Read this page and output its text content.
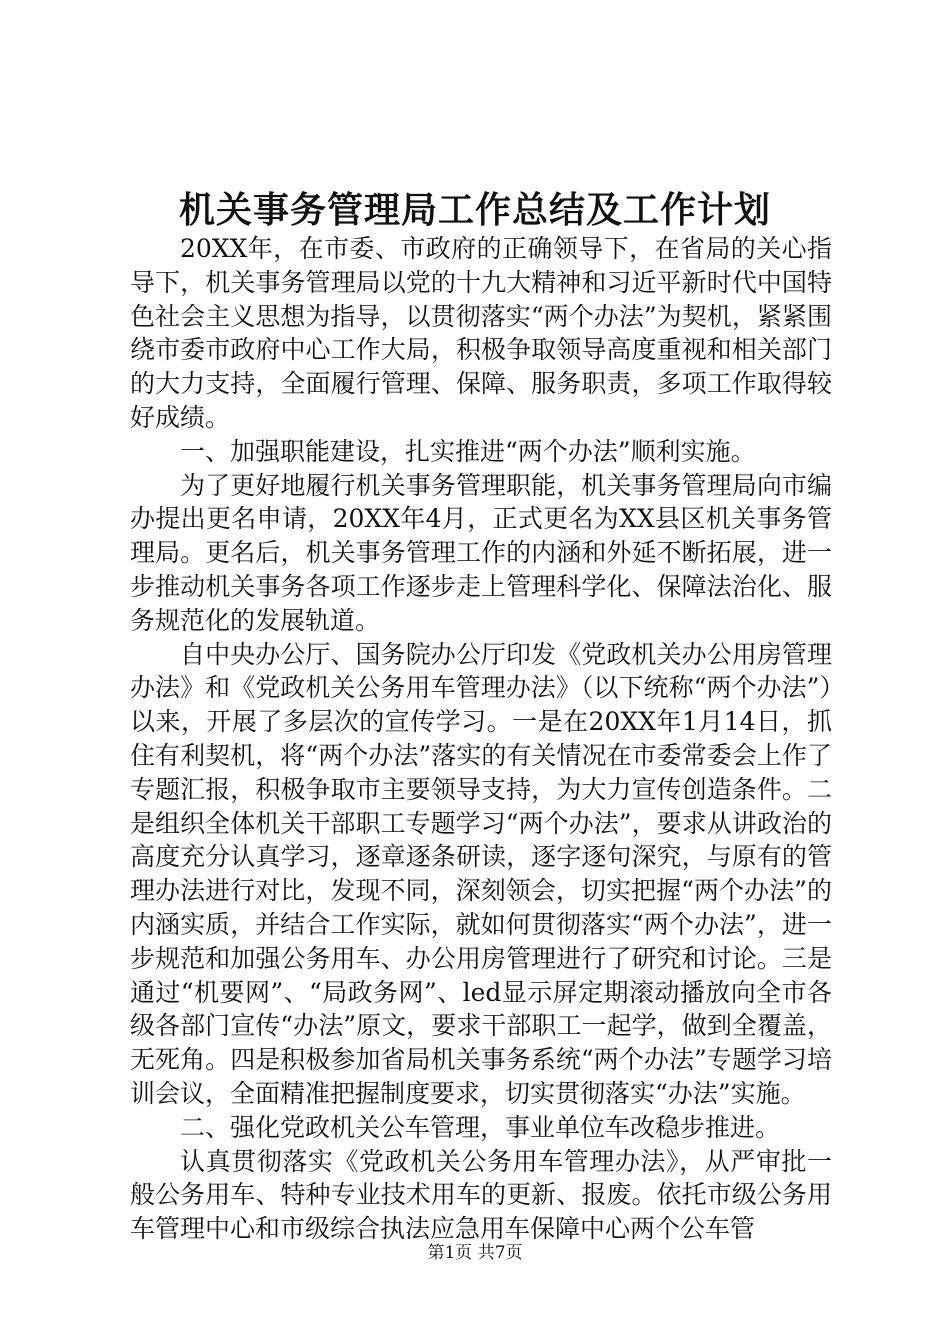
机关事务管理局工作总结及工作计划

20XX年，在市委、市政府的正确领导下，在省局的关心指导下，机关事务管理局以党的十九大精神和习近平新时代中国特色社会主义思想为指导，以贯彻落实“两个办法”为契机，紧紧围绕市委市政府中心工作大局，积极争取领导高度重视和相关部门的大力支持，全面履行管理、保障、服务职责，多项工作取得较好成绩。

一、加强职能建设，扎实推进“两个办法”顺利实施。

为了更好地履行机关事务管理职能，机关事务管理局向市编办提出更名申请，20XX年4月，正式更名为XX县区机关事务管理局。更名后，机关事务管理工作的内涵和外延不断拓展，进一步推动机关事务各项工作逐步走上管理科学化、保障法治化、服务规范化的发展轨道。

自中央办公厅、国务院办公厅印发《党政机关办公用房管理办法》和《党政机关公务用车管理办法》（以下统称“两个办法”）以来，开展了多层次的宣传学习。一是在20XX年1月14日，抓住有利契机，将“两个办法”落实的有关情况在市委常委会上作了专题汇报，积极争取市主要领导支持，为大力宣传创造条件。二是组织全体机关干部职工专题学习“两个办法”，要求从讲政治的高度充分认真学习，逐章逐条研读，逐字逐句深究，与原有的管理办法进行对比，发现不同，深刻领会，切实把握“两个办法”的内涵实质，并结合工作实际，就如何贯彻落实“两个办法”，进一步规范和加强公务用车、办公用房管理进行了研究和讨论。三是通过“机要网”、“局政务网”、led显示屏定期滚动播放向全市各级各部门宣传“办法”原文，要求干部职工一起学，做到全覆盖，无死角。四是积极参加省局机关事务系统“两个办法”专题学习培训会议，全面精准把握制度要求，切实贯彻落实“办法”实施。

二、强化党政机关公车管理，事业单位车改稳步推进。

认真贯彻落实《党政机关公务用车管理办法》，从严审批一般公务用车、特种专业技术用车的更新、报废。依托市级公务用车管理中心和市级综合执法应急用车保障中心两个公车管

第1页 共7页
